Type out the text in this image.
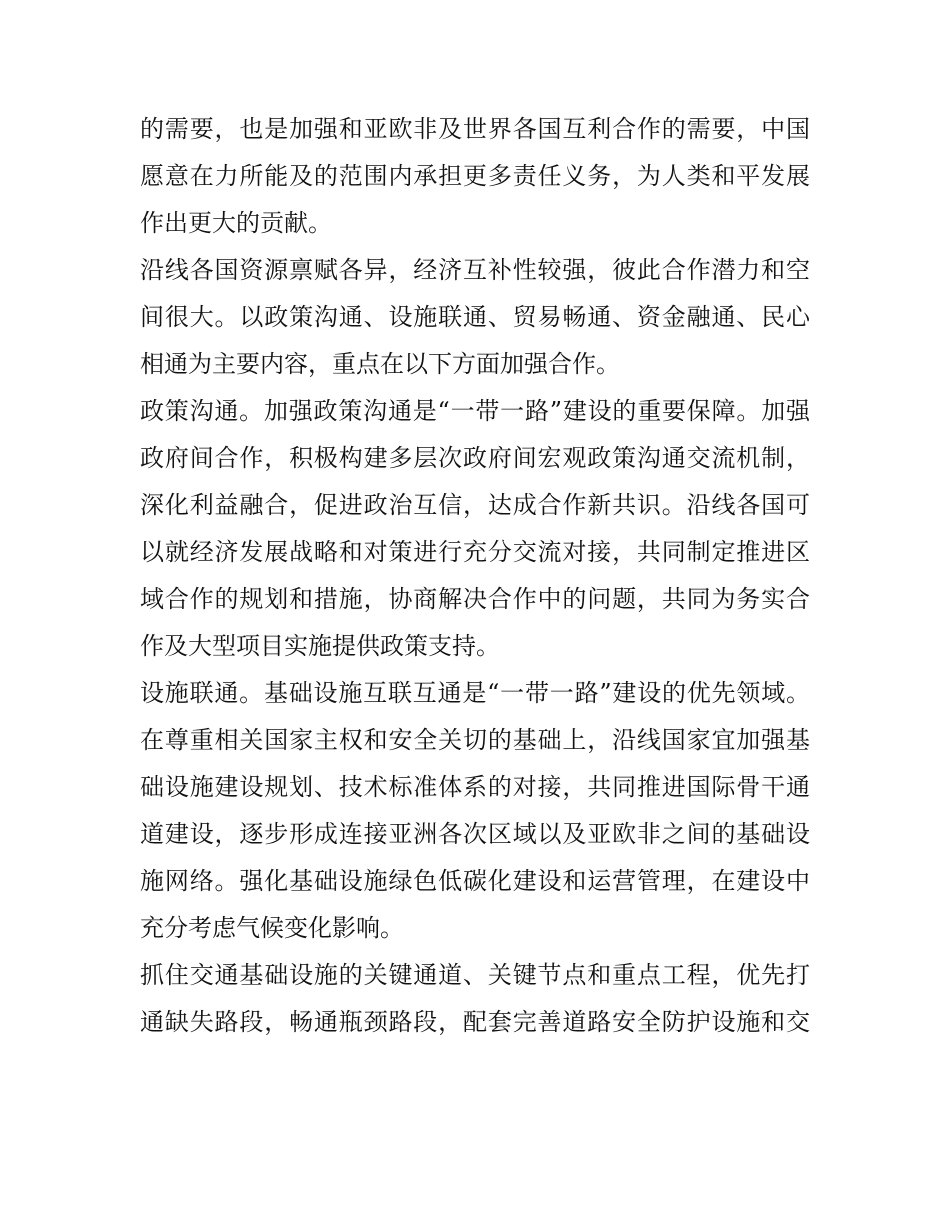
的需要，也是加强和亚欧非及世界各国互利合作的需要，中国
愿意在力所能及的范围内承担更多责任义务，为人类和平发展
作出更大的贡献。
沿线各国资源禀赋各异，经济互补性较强，彼此合作潜力和空
间很大。以政策沟通、设施联通、贸易畅通、资金融通、民心
相通为主要内容，重点在以下方面加强合作。
政策沟通。加强政策沟通是“一带一路”建设的重要保障。加强
政府间合作，积极构建多层次政府间宏观政策沟通交流机制，
深化利益融合，促进政治互信，达成合作新共识。沿线各国可
以就经济发展战略和对策进行充分交流对接，共同制定推进区
域合作的规划和措施，协商解决合作中的问题，共同为务实合
作及大型项目实施提供政策支持。
设施联通。基础设施互联互通是“一带一路”建设的优先领域。
在尊重相关国家主权和安全关切的基础上，沿线国家宜加强基
础设施建设规划、技术标准体系的对接，共同推进国际骨干通
道建设，逐步形成连接亚洲各次区域以及亚欧非之间的基础设
施网络。强化基础设施绿色低碳化建设和运营管理，在建设中
充分考虑气候变化影响。
抓住交通基础设施的关键通道、关键节点和重点工程，优先打
通缺失路段，畅通瓶颈路段，配套完善道路安全防护设施和交
